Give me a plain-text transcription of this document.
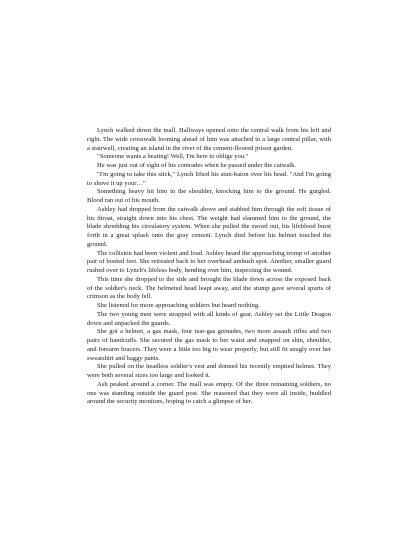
Lynch walked down the mall. Hallways opened onto the central walk from his left and right. The wide crosswalk looming ahead of him was attached to a large central pillar, with a stairwell, creating an island in the river of the cement-floored prison garden.

"Someone wants a beating! Well, I'm here to oblige you."

He was just out of sight of his comrades when he passed under the catwalk.

"I'm going to take this stick," Lynch lifted his stun-baton over his head. "And I'm going to shove it up your…"

Something heavy hit him in the shoulder, knocking him to the ground. He gurgled. Blood ran out of his mouth.

Ashley had dropped from the catwalk above and stabbed him through the soft tissue of his throat, straight down into his chest. The weight had slammed him to the ground, the blade shredding his circulatory system. When she pulled the sword out, his lifeblood burst forth in a great splash onto the gray cement. Lynch died before his helmet touched the ground.

The collision had been violent and loud. Ashley heard the approaching tromp of another pair of booted feet. She retreated back to her overhead ambush spot. Another, smaller guard rushed over to Lynch's lifeless body, bending over him, inspecting the wound.

This time she dropped to the side and brought the blade down across the exposed back of the soldier's neck. The helmeted head leapt away, and the stump gave several spurts of crimson as the body fell.

She listened for more approaching soldiers but heard nothing.

The two young men were strapped with all kinds of gear. Ashley set the Little Dragon down and unpacked the guards.

She got a helmet, a gas mask, four tear-gas grenades, two more assault rifles and two pairs of handcuffs. She secured the gas mask to her waist and snapped on shin, shoulder, and forearm bracers. They were a little too big to wear properly, but still fit snugly over her sweatshirt and baggy pants.

She pulled on the headless soldier's vest and donned his recently emptied helmet. They were both several sizes too large and looked it.

Ash peaked around a corner. The mall was empty. Of the three remaining soldiers, no one was standing outside the guard post. She reasoned that they were all inside, huddled around the security monitors, hoping to catch a glimpse of her.
